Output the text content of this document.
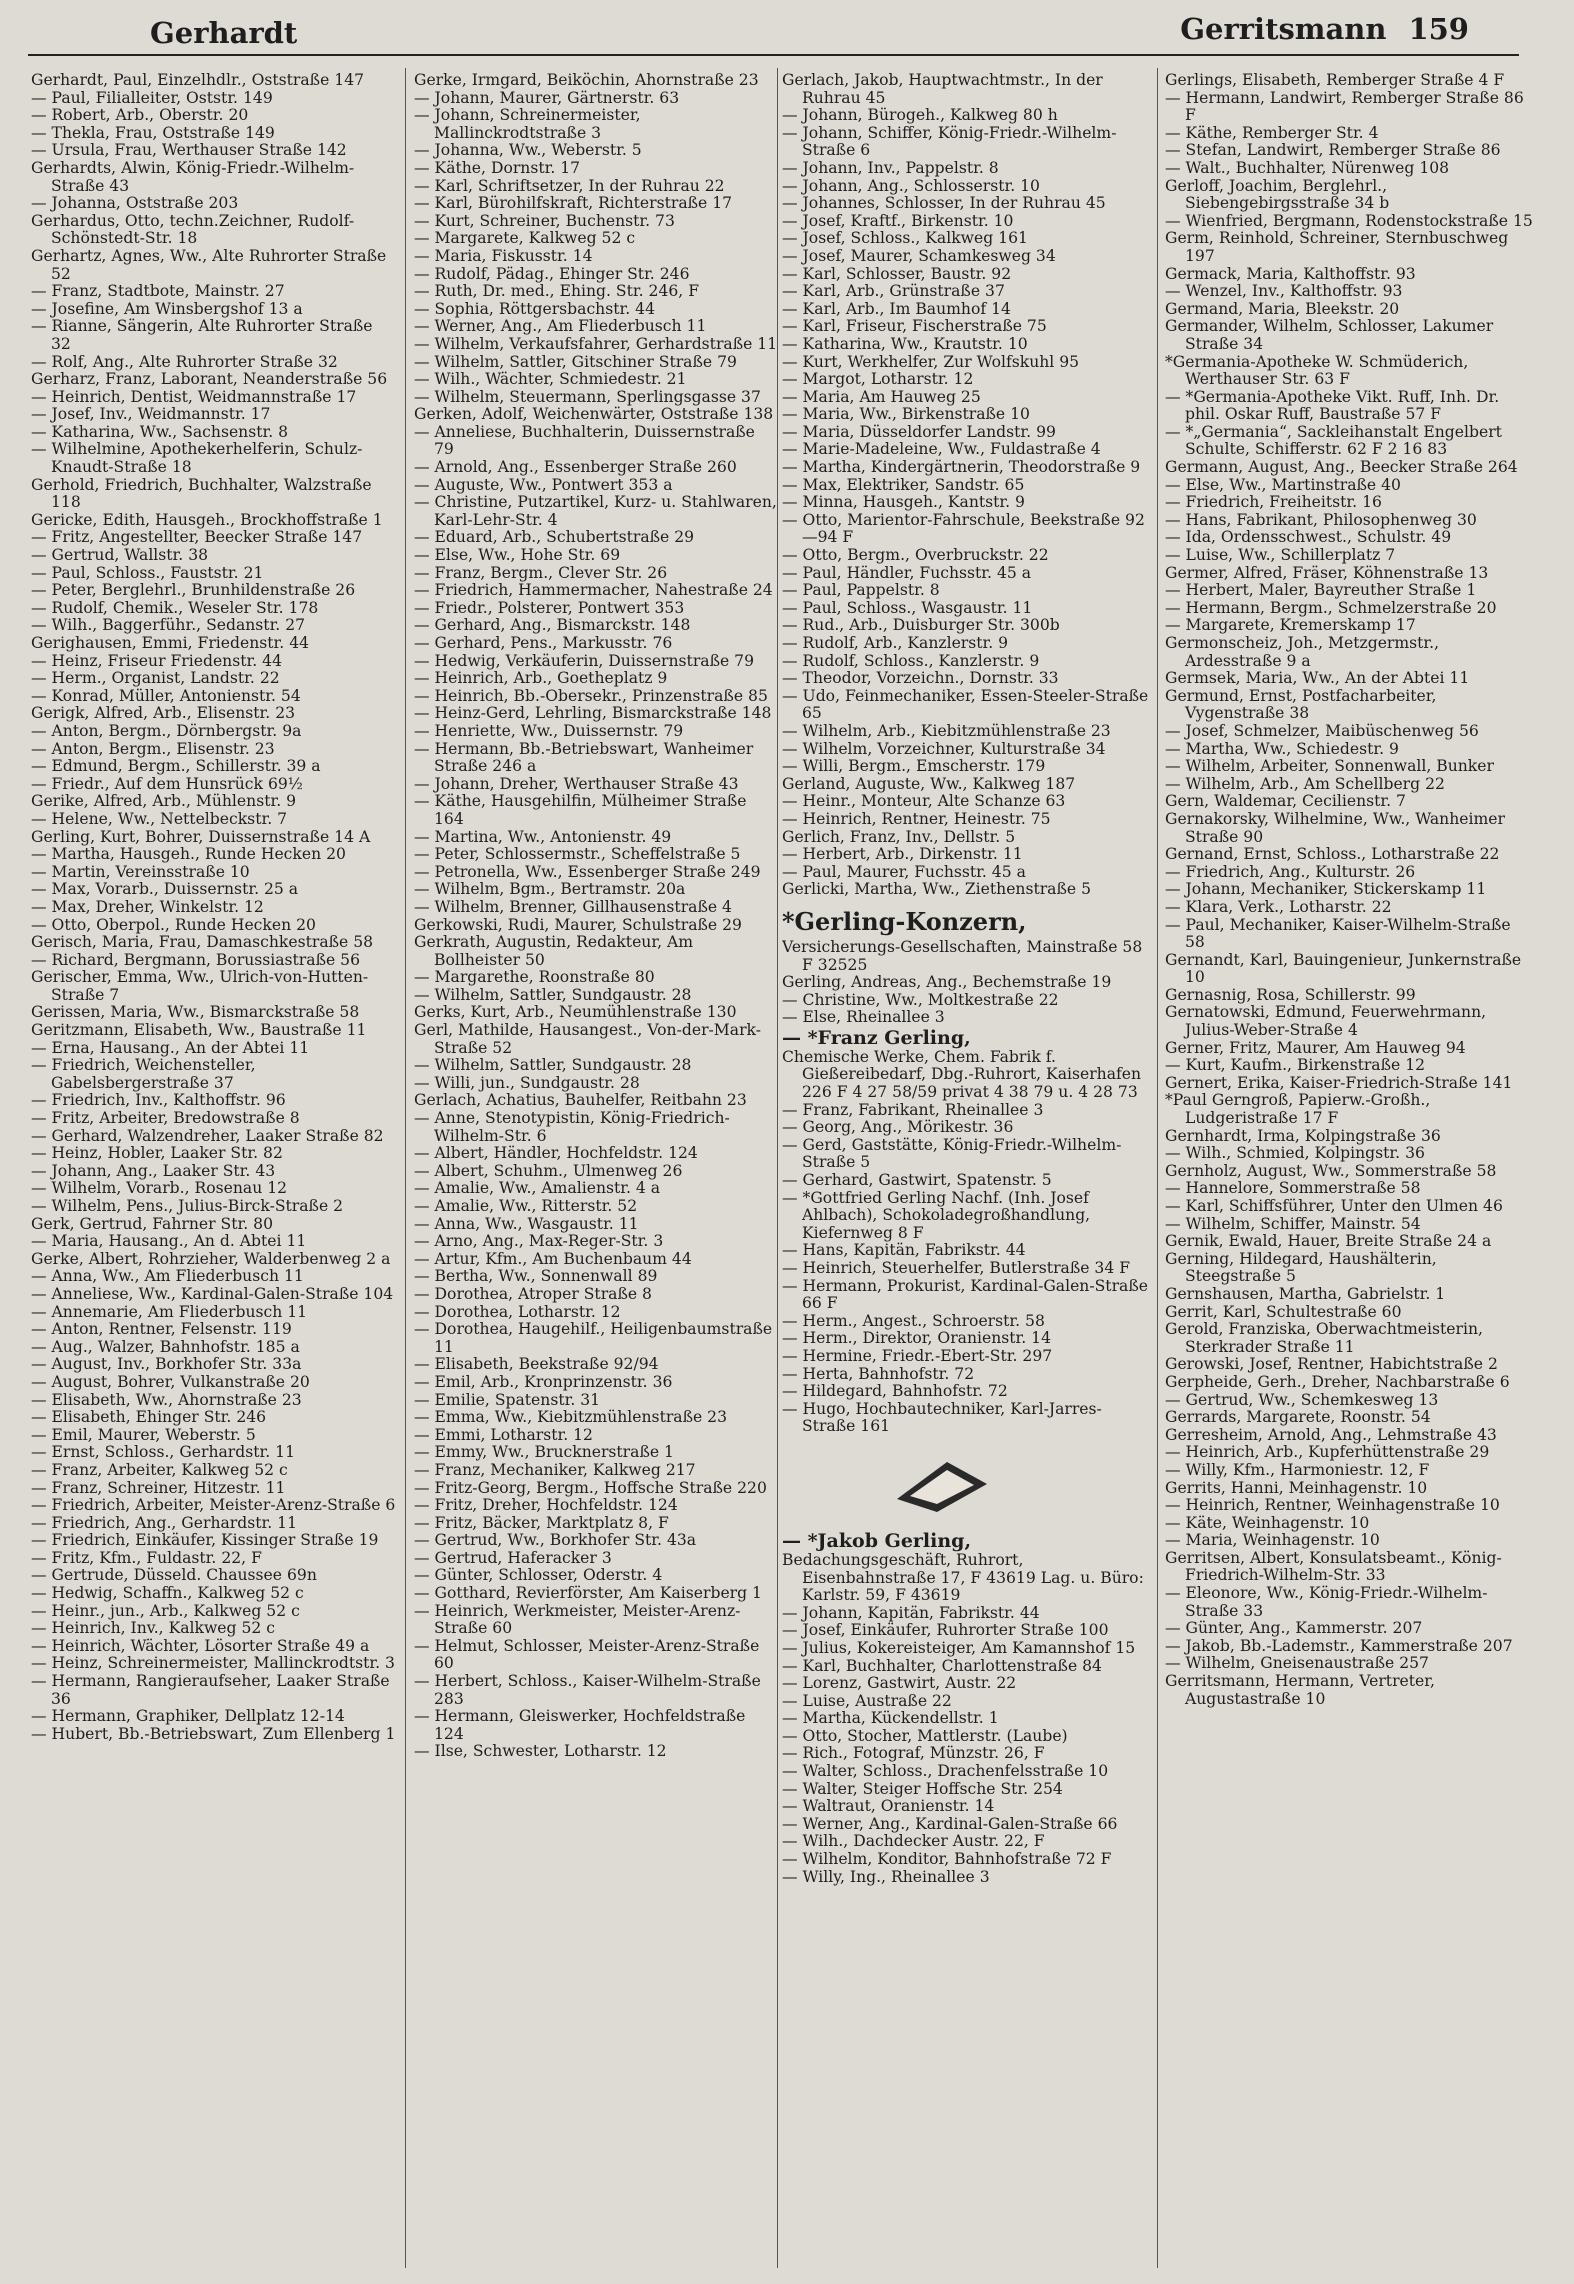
Gerhardt	Gerritsmann 159
Gerhardt, Paul, Einzelhdlr., Oststraße 147
— Paul, Filialleiter, Oststr. 149
— Robert, Arb., Oberstr. 20
— Thekla, Frau, Oststraße 149
— Ursula, Frau, Werthauser Straße 142
Gerhardts, Alwin, König-Friedr.-Wilhelm-Straße 43
— Johanna, Oststraße 203
Gerhardus, Otto, techn.Zeichner, Rudolf-Schönstedt-Str. 18
Gerhartz, Agnes, Ww., Alte Ruhrorter Straße 52
— Franz, Stadtbote, Mainstr. 27
— Josefine, Am Winsbergshof 13 a
— Rianne, Sängerin, Alte Ruhrorter Straße 32
— Rolf, Ang., Alte Ruhrorter Straße 32
Gerharz, Franz, Laborant, Neanderstraße 56
— Heinrich, Dentist, Weidmannstraße 17
— Josef, Inv., Weidmannstr. 17
— Katharina, Ww., Sachsenstr. 8
— Wilhelmine, Apothekerhelferin, Schulz-Knaudt-Straße 18
Gerhold, Friedrich, Buchhalter, Walzstraße 118
Gericke, Edith, Hausgeh., Brockhoffstraße 1
— Fritz, Angestellter, Beecker Straße 147
— Gertrud, Wallstr. 38
— Paul, Schloss., Fauststr. 21
— Peter, Berglehrl., Brunhildenstraße 26
— Rudolf, Chemik., Weseler Str. 178
— Wilh., Baggerführ., Sedanstr. 27
Gerighausen, Emmi, Friedenstr. 44
— Heinz, Friseur Friedenstr. 44
— Herm., Organist, Landstr. 22
— Konrad, Müller, Antonienstr. 54
Gerigk, Alfred, Arb., Elisenstr. 23
— Anton, Bergm., Dörnbergstr. 9a
— Anton, Bergm., Elisenstr. 23
— Edmund, Bergm., Schillerstr. 39 a
— Friedr., Auf dem Hunsrück 69½
Gerike, Alfred, Arb., Mühlenstr. 9
— Helene, Ww., Nettelbeckstr. 7
Gerling, Kurt, Bohrer, Duissernstraße 14 A
— Martha, Hausgeh., Runde Hecken 20
— Martin, Vereinsstraße 10
— Max, Vorarb., Duissernstr. 25 a
— Max, Dreher, Winkelstr. 12
— Otto, Oberpol., Runde Hecken 20
Gerisch, Maria, Frau, Damaschkestraße 58
— Richard, Bergmann, Borussiastraße 56
Gerischer, Emma, Ww., Ulrich-von-Hutten-Straße 7
Gerissen, Maria, Ww., Bismarckstraße 58
Geritzmann, Elisabeth, Ww., Baustraße 11
— Erna, Hausang., An der Abtei 11
— Friedrich, Weichensteller, Gabelsbergerstraße 37
— Friedrich, Inv., Kalthoffstr. 96
— Fritz, Arbeiter, Bredowstraße 8
— Gerhard, Walzendreher, Laaker Straße 82
— Heinz, Hobler, Laaker Str. 82
— Johann, Ang., Laaker Str. 43
— Wilhelm, Vorarb., Rosenau 12
— Wilhelm, Pens., Julius-Birck-Straße 2
Gerk, Gertrud, Fahrner Str. 80
— Maria, Hausang., An d. Abtei 11
Gerke, Albert, Rohrzieher, Walderbenweg 2 a
— Anna, Ww., Am Fliederbusch 11
— Anneliese, Ww., Kardinal-Galen-Straße 104
— Annemarie, Am Fliederbusch 11
— Anton, Rentner, Felsenstr. 119
— Aug., Walzer, Bahnhofstr. 185 a
— August, Inv., Borkhofer Str. 33a
— August, Bohrer, Vulkanstraße 20
— Elisabeth, Ww., Ahornstraße 23
— Elisabeth, Ehinger Str. 246
— Emil, Maurer, Weberstr. 5
— Ernst, Schloss., Gerhardstr. 11
— Franz, Arbeiter, Kalkweg 52 c
— Franz, Schreiner, Hitzestr. 11
— Friedrich, Arbeiter, Meister-Arenz-Straße 6
— Friedrich, Ang., Gerhardstr. 11
— Friedrich, Einkäufer, Kissinger Straße 19
— Fritz, Kfm., Fuldastr. 22, F
— Gertrude, Düsseld. Chaussee 69n
— Hedwig, Schaffn., Kalkweg 52 c
— Heinr., jun., Arb., Kalkweg 52 c
— Heinrich, Inv., Kalkweg 52 c
— Heinrich, Wächter, Lösorter Straße 49 a
— Heinz, Schreinermeister, Mallinckrodtstr. 3
— Hermann, Rangieraufseher, Laaker Straße 36
— Hermann, Graphiker, Dellplatz 12-14
— Hubert, Bb.-Betriebswart, Zum Ellenberg 1
Gerke, Irmgard, Beiköchin, Ahornstraße 23
— Johann, Maurer, Gärtnerstr. 63
— Johann, Schreinermeister, Mallinckrodtstraße 3
— Johanna, Ww., Weberstr. 5
— Käthe, Dornstr. 17
— Karl, Schriftsetzer, In der Ruhrau 22
— Karl, Bürohilfskraft, Richterstraße 17
— Kurt, Schreiner, Buchenstr. 73
— Margarete, Kalkweg 52 c
— Maria, Fiskusstr. 14
— Rudolf, Pädag., Ehinger Str. 246
— Ruth, Dr. med., Ehing. Str. 246, F
— Sophia, Röttgersbachstr. 44
— Werner, Ang., Am Fliederbusch 11
— Wilhelm, Verkaufsfahrer, Gerhardstraße 11
— Wilhelm, Sattler, Gitschiner Straße 79
— Wilh., Wächter, Schmiedestr. 21
— Wilhelm, Steuermann, Sperlingsgasse 37
Gerken, Adolf, Weichenwärter, Oststraße 138
— Anneliese, Buchhalterin, Duissernstraße 79
— Arnold, Ang., Essenberger Straße 260
— Auguste, Ww., Pontwert 353 a
— Christine, Putzartikel, Kurz- u. Stahlwaren, Karl-Lehr-Str. 4
— Eduard, Arb., Schubertstraße 29
— Else, Ww., Hohe Str. 69
— Franz, Bergm., Clever Str. 26
— Friedrich, Hammermacher, Nahestraße 24
— Friedr., Polsterer, Pontwert 353
— Gerhard, Ang., Bismarckstr. 148
— Gerhard, Pens., Markusstr. 76
— Hedwig, Verkäuferin, Duissernstraße 79
— Heinrich, Arb., Goetheplatz 9
— Heinrich, Bb.-Obersekr., Prinzenstraße 85
— Heinz-Gerd, Lehrling, Bismarckstraße 148
— Henriette, Ww., Duissernstr. 79
— Hermann, Bb.-Betriebswart, Wanheimer Straße 246 a
— Johann, Dreher, Werthauser Straße 43
— Käthe, Hausgehilfin, Mülheimer Straße 164
— Martina, Ww., Antonienstr. 49
— Peter, Schlossermstr., Scheffelstraße 5
— Petronella, Ww., Essenberger Straße 249
— Wilhelm, Bgm., Bertramstr. 20a
— Wilhelm, Brenner, Gillhausenstraße 4
Gerkowski, Rudi, Maurer, Schulstraße 29
Gerkrath, Augustin, Redakteur, Am Bollheister 50
— Margarethe, Roonstraße 80
— Wilhelm, Sattler, Sundgaustr. 28
Gerks, Kurt, Arb., Neumühlenstraße 130
Gerl, Mathilde, Hausangest., Von-der-Mark-Straße 52
— Wilhelm, Sattler, Sundgaustr. 28
— Willi, jun., Sundgaustr. 28
Gerlach, Achatius, Bauhelfer, Reitbahn 23
— Anne, Stenotypistin, König-Friedrich-Wilhelm-Str. 6
— Albert, Händler, Hochfeldstr. 124
— Albert, Schuhm., Ulmenweg 26
— Amalie, Ww., Amalienstr. 4 a
— Amalie, Ww., Ritterstr. 52
— Anna, Ww., Wasgaustr. 11
— Arno, Ang., Max-Reger-Str. 3
— Artur, Kfm., Am Buchenbaum 44
— Bertha, Ww., Sonnenwall 89
— Dorothea, Atroper Straße 8
— Dorothea, Lotharstr. 12
— Dorothea, Haugehilf., Heiligenbaumstraße 11
— Elisabeth, Beekstraße 92/94
— Emil, Arb., Kronprinzenstr. 36
— Emilie, Spatenstr. 31
— Emma, Ww., Kiebitzmühlenstraße 23
— Emmi, Lotharstr. 12
— Emmy, Ww., Brucknerstraße 1
— Franz, Mechaniker, Kalkweg 217
— Fritz-Georg, Bergm., Hoffsche Straße 220
— Fritz, Dreher, Hochfeldstr. 124
— Fritz, Bäcker, Marktplatz 8, F
— Gertrud, Ww., Borkhofer Str. 43a
— Gertrud, Haferacker 3
— Günter, Schlosser, Oderstr. 4
— Gotthard, Revierförster, Am Kaiserberg 1
— Heinrich, Werkmeister, Meister-Arenz-Straße 60
— Helmut, Schlosser, Meister-Arenz-Straße 60
— Herbert, Schloss., Kaiser-Wilhelm-Straße 283
— Hermann, Gleiswerker, Hochfeldstraße 124
— Ilse, Schwester, Lotharstr. 12
Gerlach, Jakob, Hauptwachtmstr., In der Ruhrau 45
— Johann, Bürogeh., Kalkweg 80 h
— Johann, Schiffer, König-Friedr.-Wilhelm-Straße 6
— Johann, Inv., Pappelstr. 8
— Johann, Ang., Schlosserstr. 10
— Johannes, Schlosser, In der Ruhrau 45
— Josef, Kraftf., Birkenstr. 10
— Josef, Schloss., Kalkweg 161
— Josef, Maurer, Schamkesweg 34
— Karl, Schlosser, Baustr. 92
— Karl, Arb., Grünstraße 37
— Karl, Arb., Im Baumhof 14
— Karl, Friseur, Fischerstraße 75
— Katharina, Ww., Krautstr. 10
— Kurt, Werkhelfer, Zur Wolfskuhl 95
— Margot, Lotharstr. 12
— Maria, Am Hauweg 25
— Maria, Ww., Birkenstraße 10
— Maria, Düsseldorfer Landstr. 99
— Marie-Madeleine, Ww., Fuldastraße 4
— Martha, Kindergärtnerin, Theodorstraße 9
— Max, Elektriker, Sandstr. 65
— Minna, Hausgeh., Kantstr. 9
— Otto, Marientor-Fahrschule, Beekstraße 92—94 F
— Otto, Bergm., Overbruckstr. 22
— Paul, Händler, Fuchsstr. 45 a
— Paul, Pappelstr. 8
— Paul, Schloss., Wasgaustr. 11
— Rud., Arb., Duisburger Str. 300b
— Rudolf, Arb., Kanzlerstr. 9
— Rudolf, Schloss., Kanzlerstr. 9
— Theodor, Vorzeichn., Dornstr. 33
— Udo, Feinmechaniker, Essen-Steeler-Straße 65
— Wilhelm, Arb., Kiebitzmühlenstraße 23
— Wilhelm, Vorzeichner, Kulturstraße 34
— Willi, Bergm., Emscherstr. 179
Gerland, Auguste, Ww., Kalkweg 187
— Heinr., Monteur, Alte Schanze 63
— Heinrich, Rentner, Heinestr. 75
Gerlich, Franz, Inv., Dellstr. 5
— Herbert, Arb., Dirkenstr. 11
— Paul, Maurer, Fuchsstr. 45 a
Gerlicki, Martha, Ww., Ziethenstraße 5
*Gerling-Konzern,
Versicherungs-Gesellschaften, Mainstraße 58 F 32525
Gerling, Andreas, Ang., Bechemstraße 19
— Christine, Ww., Moltkestraße 22
— Else, Rheinallee 3
— *Franz Gerling,
Chemische Werke, Chem. Fabrik f. Gießereibedarf, Dbg.-Ruhrort, Kaiserhafen 226 F 4 27 58/59 privat 4 38 79 u. 4 28 73
— Franz, Fabrikant, Rheinallee 3
— Georg, Ang., Mörikestr. 36
— Gerd, Gaststätte, König-Friedr.-Wilhelm-Straße 5
— Gerhard, Gastwirt, Spatenstr. 5
— *Gottfried Gerling Nachf. (Inh. Josef Ahlbach), Schokoladegroßhandlung, Kiefernweg 8 F
— Hans, Kapitän, Fabrikstr. 44
— Heinrich, Steuerhelfer, Butlerstraße 34 F
— Hermann, Prokurist, Kardinal-Galen-Straße 66 F
— Herm., Angest., Schroerstr. 58
— Herm., Direktor, Oranienstr. 14
— Hermine, Friedr.-Ebert-Str. 297
— Herta, Bahnhofstr. 72
— Hildegard, Bahnhofstr. 72
— Hugo, Hochbautechniker, Karl-Jarres-Straße 161
— *Jakob Gerling,
Bedachungsgeschäft, Ruhrort, Eisenbahnstraße 17, F 43619 Lag. u. Büro: Karlstr. 59, F 43619
— Johann, Kapitän, Fabrikstr. 44
— Josef, Einkäufer, Ruhrorter Straße 100
— Julius, Kokereisteiger, Am Kamannshof 15
— Karl, Buchhalter, Charlottenstraße 84
— Lorenz, Gastwirt, Austr. 22
— Luise, Austraße 22
— Martha, Kückendellstr. 1
— Otto, Stocher, Mattlerstr. (Laube)
— Rich., Fotograf, Münzstr. 26, F
— Walter, Schloss., Drachenfelsstraße 10
— Walter, Steiger Hoffsche Str. 254
— Waltraut, Oranienstr. 14
— Werner, Ang., Kardinal-Galen-Straße 66
— Wilh., Dachdecker Austr. 22, F
— Wilhelm, Konditor, Bahnhofstraße 72 F
— Willy, Ing., Rheinallee 3
Gerlings, Elisabeth, Remberger Straße 4 F
— Hermann, Landwirt, Remberger Straße 86 F
— Käthe, Remberger Str. 4
— Stefan, Landwirt, Remberger Straße 86
— Walt., Buchhalter, Nürenweg 108
Gerloff, Joachim, Berglehrl., Siebengebirgsstraße 34 b
— Wienfried, Bergmann, Rodenstockstraße 15
Germ, Reinhold, Schreiner, Sternbuschweg 197
Germack, Maria, Kalthoffstr. 93
— Wenzel, Inv., Kalthoffstr. 93
Germand, Maria, Bleekstr. 20
Germander, Wilhelm, Schlosser, Lakumer Straße 34
*Germania-Apotheke W. Schmüderich, Werthauser Str. 63 F
— *Germania-Apotheke Vikt. Ruff, Inh. Dr. phil. Oskar Ruff, Baustraße 57 F
— *„Germania“, Sackleihanstalt Engelbert Schulte, Schifferstr. 62 F 2 16 83
Germann, August, Ang., Beecker Straße 264
— Else, Ww., Martinstraße 40
— Friedrich, Freiheitstr. 16
— Hans, Fabrikant, Philosophenweg 30
— Ida, Ordensschwest., Schulstr. 49
— Luise, Ww., Schillerplatz 7
Germer, Alfred, Fräser, Köhnenstraße 13
— Herbert, Maler, Bayreuther Straße 1
— Hermann, Bergm., Schmelzerstraße 20
— Margarete, Kremerskamp 17
Germonscheiz, Joh., Metzgermstr., Ardesstraße 9 a
Germsek, Maria, Ww., An der Abtei 11
Germund, Ernst, Postfacharbeiter, Vygenstraße 38
— Josef, Schmelzer, Maibüschenweg 56
— Martha, Ww., Schiedestr. 9
— Wilhelm, Arbeiter, Sonnenwall, Bunker
— Wilhelm, Arb., Am Schellberg 22
Gern, Waldemar, Cecilienstr. 7
Gernakorsky, Wilhelmine, Ww., Wanheimer Straße 90
Gernand, Ernst, Schloss., Lotharstraße 22
— Friedrich, Ang., Kulturstr. 26
— Johann, Mechaniker, Stickerskamp 11
— Klara, Verk., Lotharstr. 22
— Paul, Mechaniker, Kaiser-Wilhelm-Straße 58
Gernandt, Karl, Bauingenieur, Junkernstraße 10
Gernasnig, Rosa, Schillerstr. 99
Gernatowski, Edmund, Feuerwehrmann, Julius-Weber-Straße 4
Gerner, Fritz, Maurer, Am Hauweg 94
— Kurt, Kaufm., Birkenstraße 12
Gernert, Erika, Kaiser-Friedrich-Straße 141
*Paul Gerngroß, Papierw.-Großh., Ludgeristraße 17 F
Gernhardt, Irma, Kolpingstraße 36
— Wilh., Schmied, Kolpingstr. 36
Gernholz, August, Ww., Sommerstraße 58
— Hannelore, Sommerstraße 58
— Karl, Schiffsführer, Unter den Ulmen 46
— Wilhelm, Schiffer, Mainstr. 54
Gernik, Ewald, Hauer, Breite Straße 24 a
Gerning, Hildegard, Haushälterin, Steegstraße 5
Gernshausen, Martha, Gabrielstr. 1
Gerrit, Karl, Schultestraße 60
Gerold, Franziska, Oberwachtmeisterin, Sterkrader Straße 11
Gerowski, Josef, Rentner, Habichtstraße 2
Gerpheide, Gerh., Dreher, Nachbarstraße 6
— Gertrud, Ww., Schemkesweg 13
Gerrards, Margarete, Roonstr. 54
Gerresheim, Arnold, Ang., Lehmstraße 43
— Heinrich, Arb., Kupferhüttenstraße 29
— Willy, Kfm., Harmoniestr. 12, F
Gerrits, Hanni, Meinhagenstr. 10
— Heinrich, Rentner, Weinhagenstraße 10
— Käte, Weinhagenstr. 10
— Maria, Weinhagenstr. 10
Gerritsen, Albert, Konsulatsbeamt., König-Friedrich-Wilhelm-Str. 33
— Eleonore, Ww., König-Friedr.-Wilhelm-Straße 33
— Günter, Ang., Kammerstr. 207
— Jakob, Bb.-Lademstr., Kammerstraße 207
— Wilhelm, Gneisenaustraße 257
Gerritsmann, Hermann, Vertreter, Augustastraße 10
